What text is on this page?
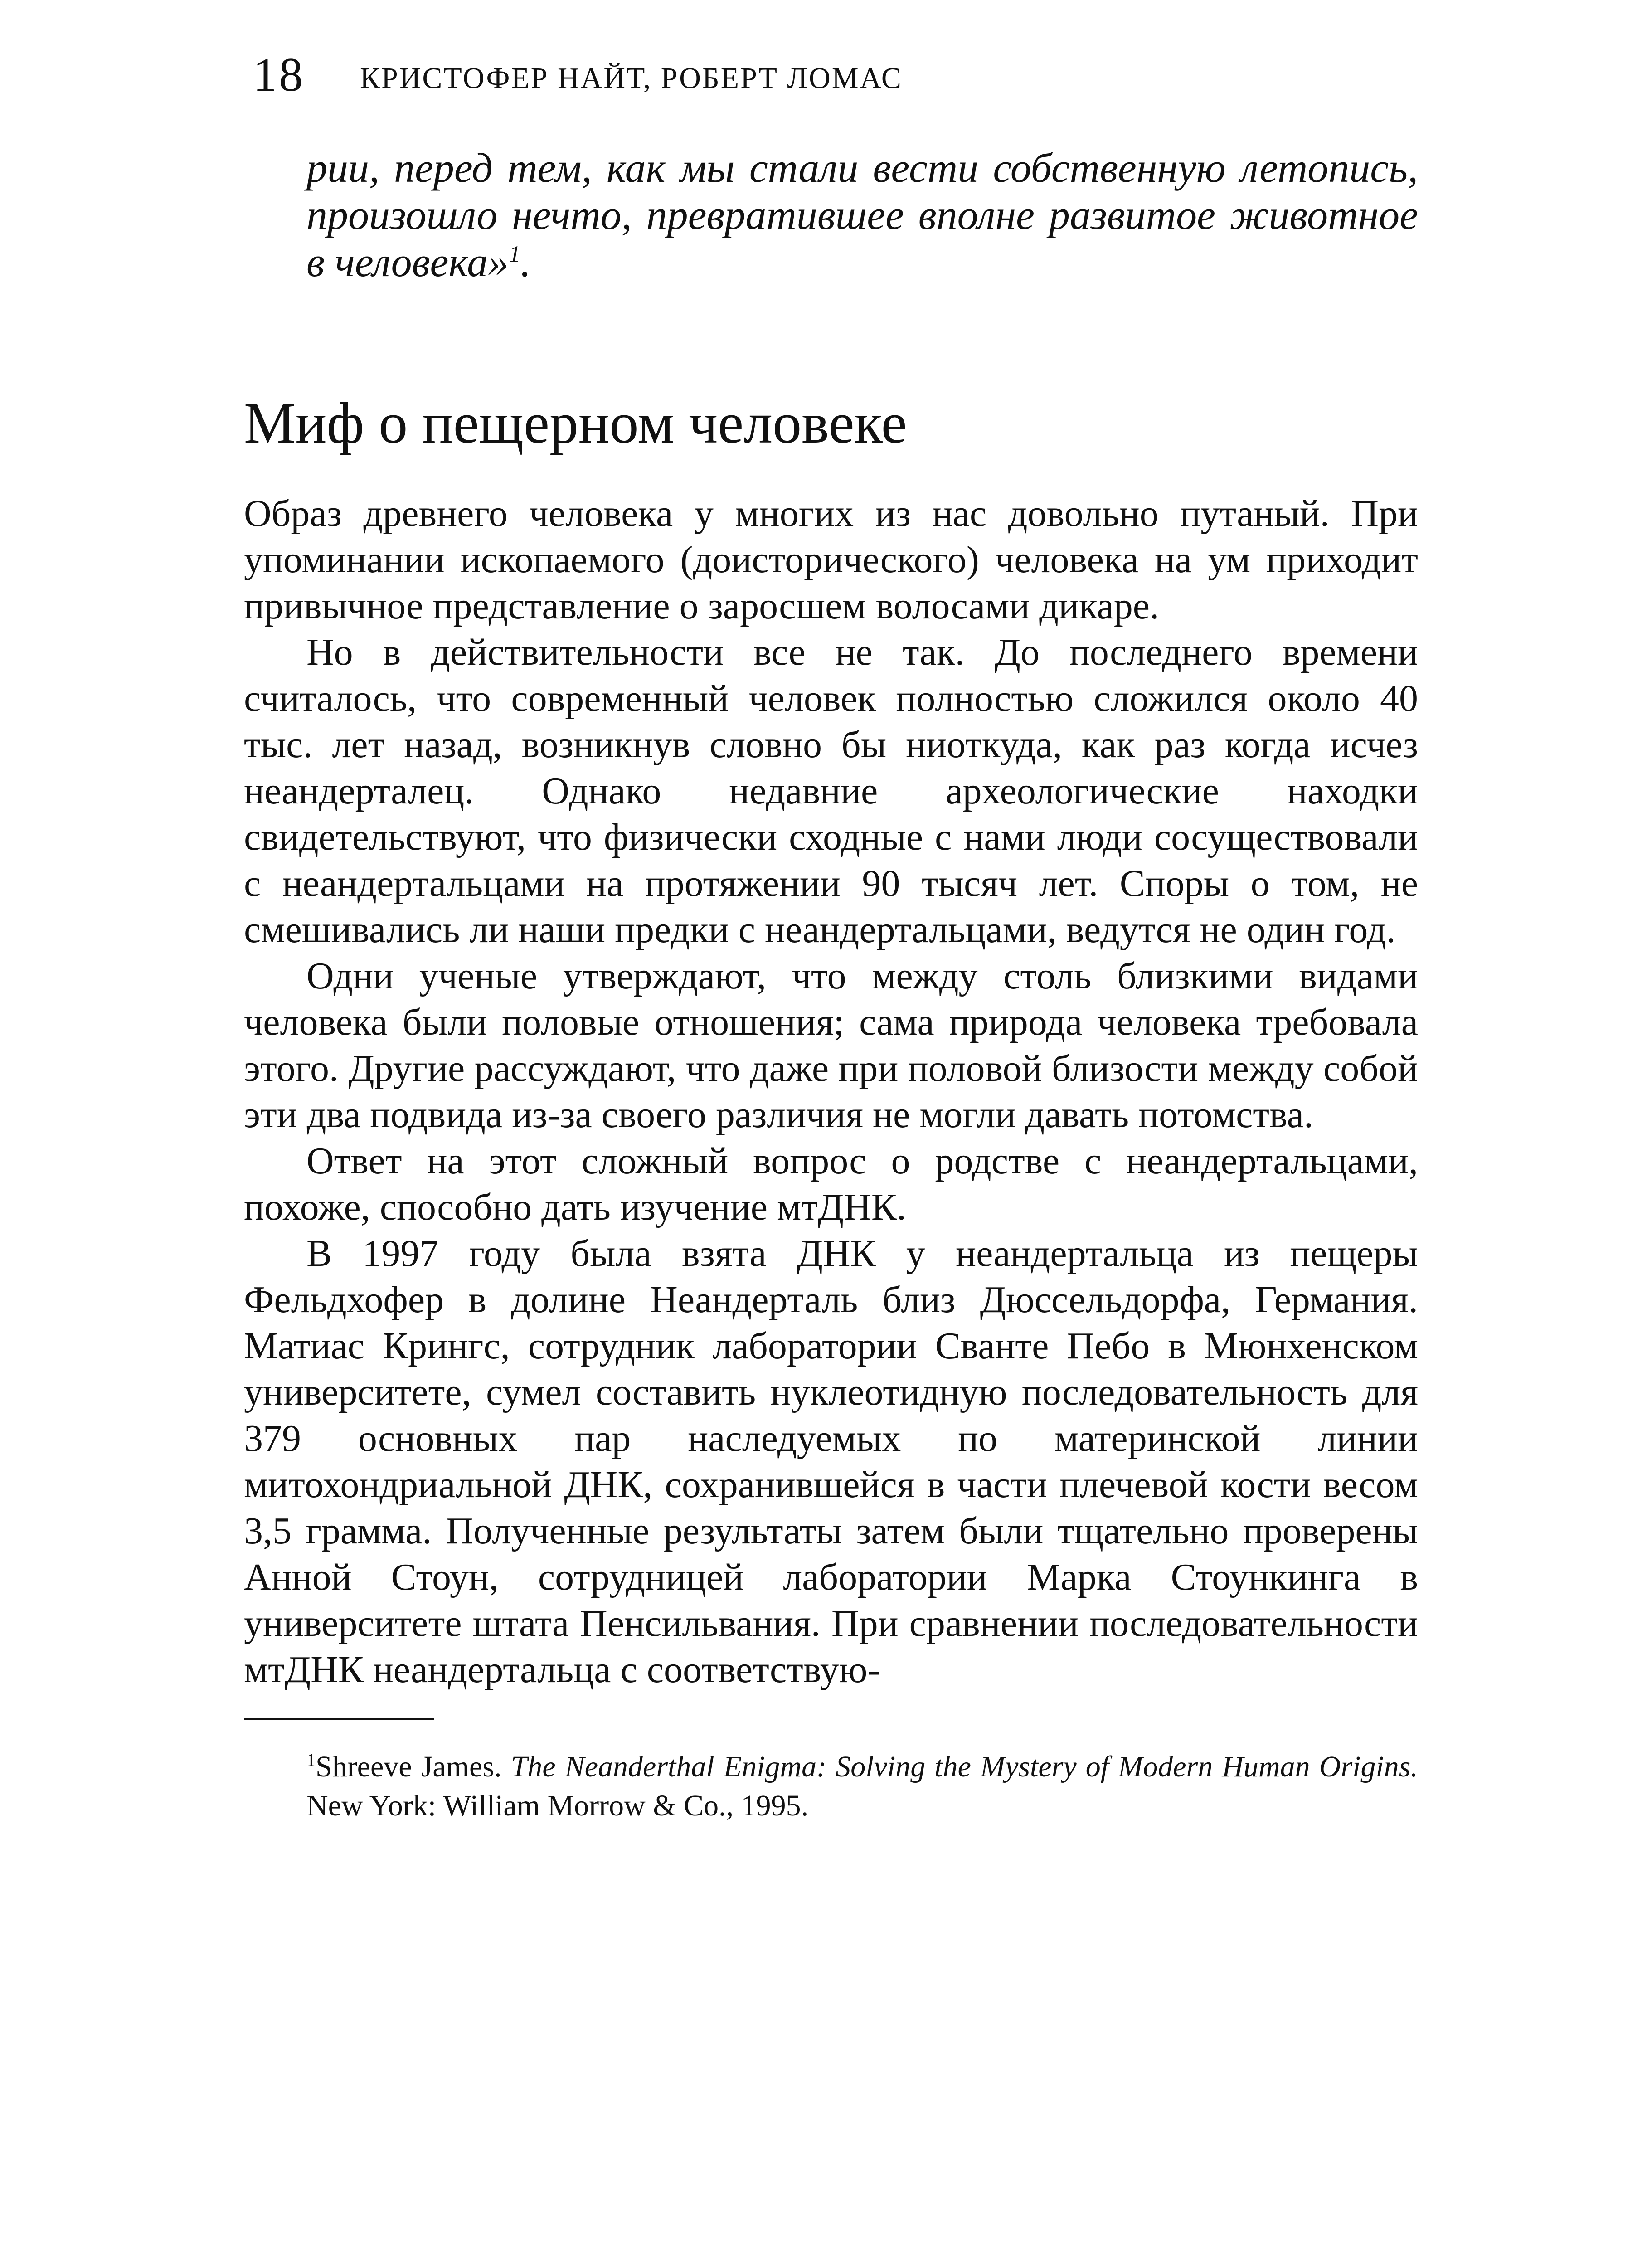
18 КРИСТОФЕР НАЙТ, РОБЕРТ ЛОМАС

рии, перед тем, как мы стали вести собственную летопись, произошло нечто, превратившее вполне развитое животное в человека»$^1$.

Миф о пещерном человеке

Образ древнего человека у многих из нас довольно путаный. При упоминании ископаемого (доисторического) человека на ум приходит привычное представление о заросшем волосами дикаре.

Но в действительности все не так. До последнего времени считалось, что современный человек полностью сложился около 40 тыс. лет назад, возникнув словно бы ниоткуда, как раз когда исчез неандерталец. Однако недавние археологические находки свидетельствуют, что физически сходные с нами люди сосуществовали с неандертальцами на протяжении 90 тысяч лет. Споры о том, не смешивались ли наши предки с неандертальцами, ведутся не один год.

Одни ученые утверждают, что между столь близкими видами человека были половые отношения; сама природа человека требовала этого. Другие рассуждают, что даже при половой близости между собой эти два подвида из-за своего различия не могли давать потомства.

Ответ на этот сложный вопрос о родстве с неандертальцами, похоже, способно дать изучение мтДНК.

В 1997 году была взята ДНК у неандертальца из пещеры Фельдхофер в долине Неандерталь близ Дюссельдорфа, Германия. Матиас Крингс, сотрудник лаборатории Сванте Пебо в Мюнхенском университете, сумел составить нуклеотидную последовательность для 379 основных пар наследуемых по материнской линии митохондриальной ДНК, сохранившейся в части плечевой кости весом 3,5 грамма. Полученные результаты затем были тщательно проверены Анной Стоун, сотрудницей лаборатории Марка Стоункинга в университете штата Пенсильвания. При сравнении последовательности мтДНК неандертальца с соответствую-

$^1$Shreeve James. The Neanderthal Enigma: Solving the Mystery of Modern Human Origins. New York: William Morrow & Co., 1995.
